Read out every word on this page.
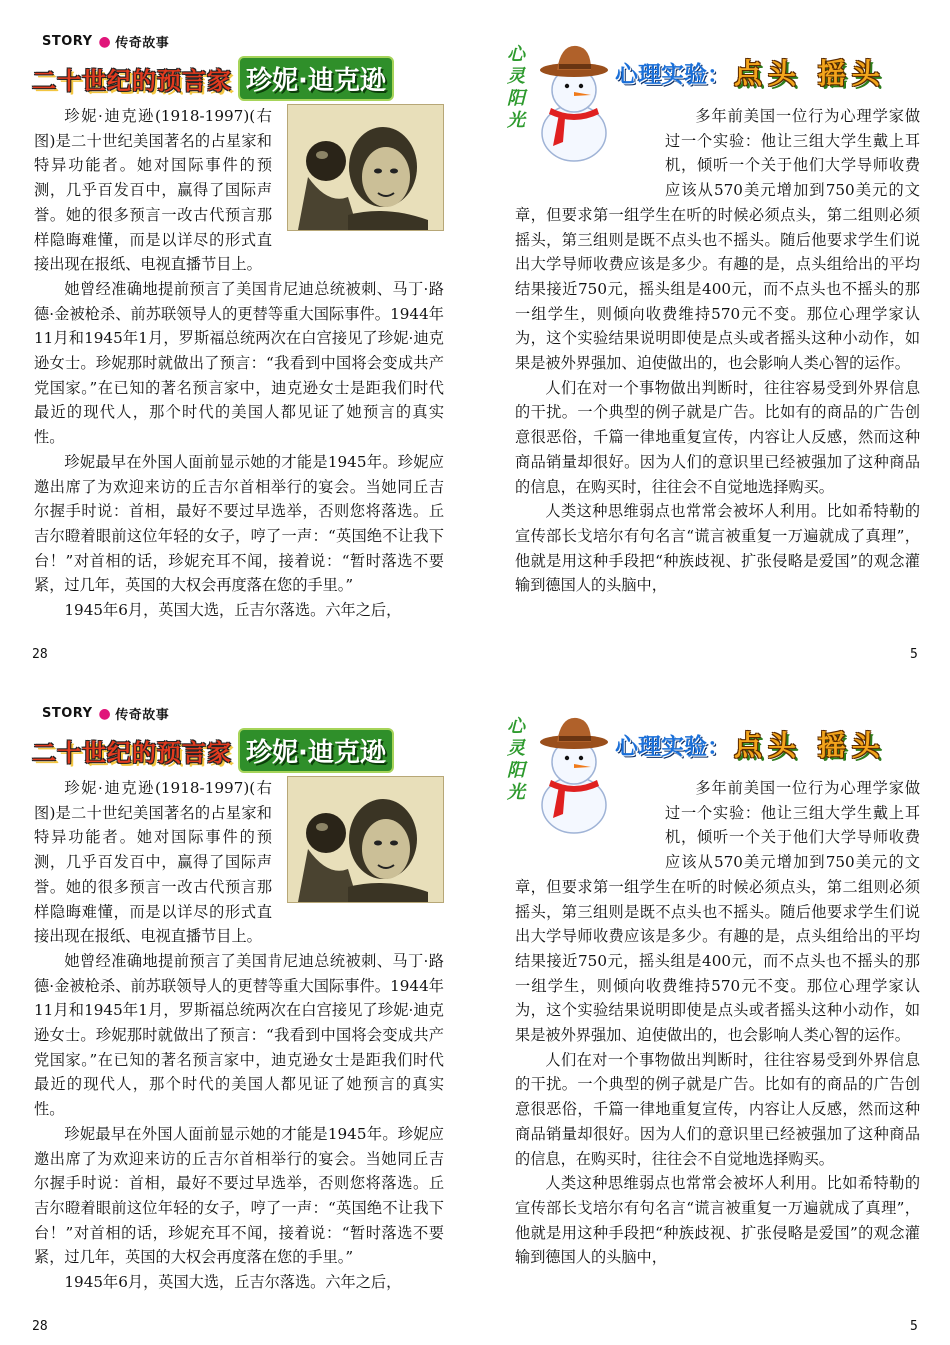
STORY ● 传奇故事
二十世纪的预言家 珍妮·迪克逊

珍妮·迪克逊(1918-1997)(右图)是二十世纪美国著名的占星家和特异功能者。她对国际事件的预测，几乎百发百中，赢得了国际声誉。她的很多预言一改古代预言那样隐晦难懂，而是以详尽的形式直接出现在报纸、电视直播节目上。

她曾经准确地提前预言了美国肯尼迪总统被刺、马丁·路德·金被枪杀、前苏联领导人的更替等重大国际事件。1944年11月和1945年1月，罗斯福总统两次在白宫接见了珍妮·迪克逊女士。珍妮那时就做出了预言：“我看到中国将会变成共产党国家。”在已知的著名预言家中，迪克逊女士是距我们时代最近的现代人，那个时代的美国人都见证了她预言的真实性。

珍妮最早在外国人面前显示她的才能是1945年。珍妮应邀出席了为欢迎来访的丘吉尔首相举行的宴会。当她同丘吉尔握手时说：首相，最好不要过早选举，否则您将落选。丘吉尔瞪着眼前这位年轻的女子，哼了一声：“英国绝不让我下台！”对首相的话，珍妮充耳不闻，接着说：“暂时落选不要紧，过几年，英国的大权会再度落在您的手里。”

1945年6月，英国大选，丘吉尔落选。六年之后，

28
心
灵
阳
光
心理实验： 点头 摇头

多年前美国一位行为心理学家做过一个实验：他让三组大学生戴上耳机，倾听一个关于他们大学导师收费应该从570美元增加到750美元的文章，但要求第一组学生在听的时候必须点头，第二组则必须摇头，第三组则是既不点头也不摇头。随后他要求学生们说出大学导师收费应该是多少。有趣的是，点头组给出的平均结果接近750元，摇头组是400元，而不点头也不摇头的那一组学生，则倾向收费维持570元不变。那位心理学家认为，这个实验结果说明即使是点头或者摇头这种小动作，如果是被外界强加、迫使做出的，也会影响人类心智的运作。

人们在对一个事物做出判断时，往往容易受到外界信息的干扰。一个典型的例子就是广告。比如有的商品的广告创意很恶俗，千篇一律地重复宣传，内容让人反感，然而这种商品销量却很好。因为人们的意识里已经被强加了这种商品的信息，在购买时，往往会不自觉地选择购买。

人类这种思维弱点也常常会被坏人利用。比如希特勒的宣传部长戈培尔有句名言“谎言被重复一万遍就成了真理”，他就是用这种手段把“种族歧视、扩张侵略是爱国”的观念灌输到德国人的头脑中，

5
STORY ● 传奇故事
二十世纪的预言家 珍妮·迪克逊

珍妮·迪克逊(1918-1997)(右图)是二十世纪美国著名的占星家和特异功能者。她对国际事件的预测，几乎百发百中，赢得了国际声誉。她的很多预言一改古代预言那样隐晦难懂，而是以详尽的形式直接出现在报纸、电视直播节目上。

她曾经准确地提前预言了美国肯尼迪总统被刺、马丁·路德·金被枪杀、前苏联领导人的更替等重大国际事件。1944年11月和1945年1月，罗斯福总统两次在白宫接见了珍妮·迪克逊女士。珍妮那时就做出了预言：“我看到中国将会变成共产党国家。”在已知的著名预言家中，迪克逊女士是距我们时代最近的现代人，那个时代的美国人都见证了她预言的真实性。

珍妮最早在外国人面前显示她的才能是1945年。珍妮应邀出席了为欢迎来访的丘吉尔首相举行的宴会。当她同丘吉尔握手时说：首相，最好不要过早选举，否则您将落选。丘吉尔瞪着眼前这位年轻的女子，哼了一声：“英国绝不让我下台！”对首相的话，珍妮充耳不闻，接着说：“暂时落选不要紧，过几年，英国的大权会再度落在您的手里。”

1945年6月，英国大选，丘吉尔落选。六年之后，

28
心
灵
阳
光
心理实验： 点头 摇头

多年前美国一位行为心理学家做过一个实验：他让三组大学生戴上耳机，倾听一个关于他们大学导师收费应该从570美元增加到750美元的文章，但要求第一组学生在听的时候必须点头，第二组则必须摇头，第三组则是既不点头也不摇头。随后他要求学生们说出大学导师收费应该是多少。有趣的是，点头组给出的平均结果接近750元，摇头组是400元，而不点头也不摇头的那一组学生，则倾向收费维持570元不变。那位心理学家认为，这个实验结果说明即使是点头或者摇头这种小动作，如果是被外界强加、迫使做出的，也会影响人类心智的运作。

人们在对一个事物做出判断时，往往容易受到外界信息的干扰。一个典型的例子就是广告。比如有的商品的广告创意很恶俗，千篇一律地重复宣传，内容让人反感，然而这种商品销量却很好。因为人们的意识里已经被强加了这种商品的信息，在购买时，往往会不自觉地选择购买。

人类这种思维弱点也常常会被坏人利用。比如希特勒的宣传部长戈培尔有句名言“谎言被重复一万遍就成了真理”，他就是用这种手段把“种族歧视、扩张侵略是爱国”的观念灌输到德国人的头脑中，

5
